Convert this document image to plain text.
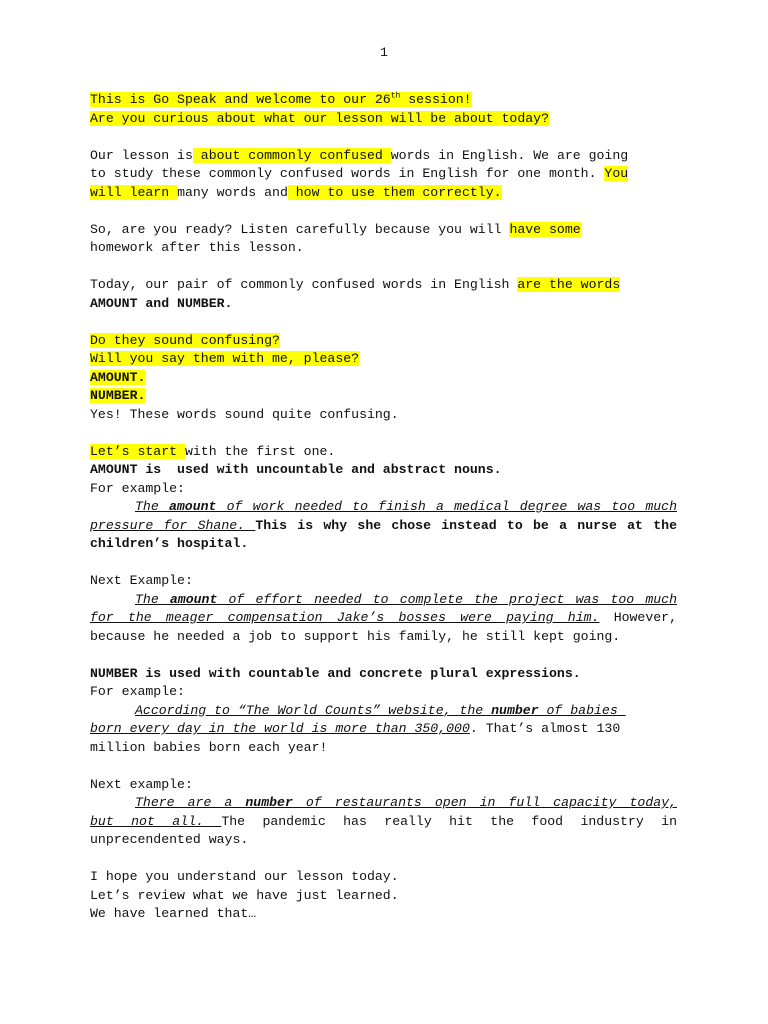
1
This is Go Speak and welcome to our 26th session!
Are you curious about what our lesson will be about today?
Our lesson is about commonly confused words in English. We are going
to study these commonly confused words in English for one month. You
will learn many words and how to use them correctly.
So, are you ready? Listen carefully because you will have some
homework after this lesson.
Today, our pair of commonly confused words in English are the words
AMOUNT and NUMBER.
Do they sound confusing?
Will you say them with me, please?
AMOUNT.
NUMBER.
Yes! These words sound quite confusing.
Let’s start with the first one.
AMOUNT is  used with uncountable and abstract nouns.
For example:
The amount of work needed to finish a medical degree was too much
pressure for Shane. This is why she chose instead to be a nurse at the
children’s hospital.
Next Example:
The amount of effort needed to complete the project was too much
for the meager compensation Jake’s bosses were paying him. However,
because he needed a job to support his family, he still kept going.
NUMBER is used with countable and concrete plural expressions.
For example:
According to “The World Counts” website, the number of babies
born every day in the world is more than 350,000. That’s almost 130
million babies born each year!
Next example:
There are a number of restaurants open in full capacity today,
but not all. The pandemic has really hit the food industry in
unprecendented ways.
I hope you understand our lesson today.
Let’s review what we have just learned.
We have learned that…
